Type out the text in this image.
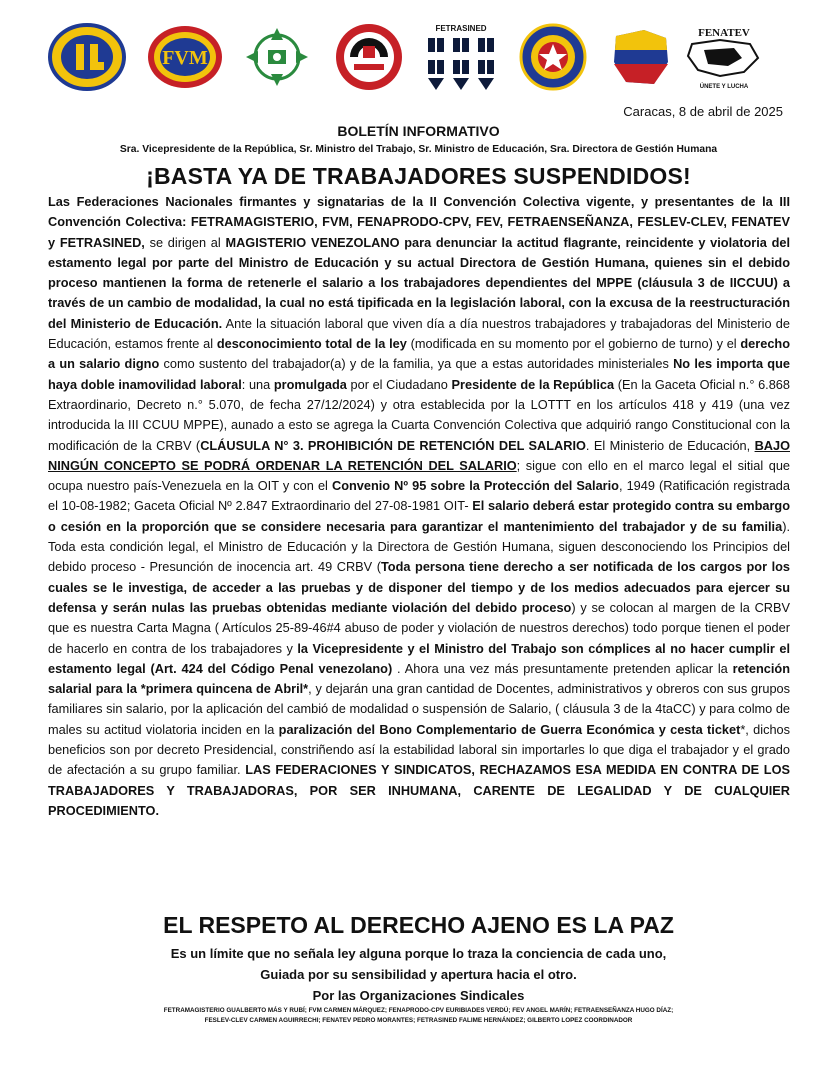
FVM
FETRASINED	FENATEV
ÚNETE Y LUCHA
Caracas, 8 de abril de 2025
BOLETÍN INFORMATIVO
Sra. Vicepresidente de la República, Sr. Ministro del Trabajo, Sr. Ministro de Educación, Sra. Directora de Gestión Humana
¡BASTA YA DE TRABAJADORES SUSPENDIDOS!

Las Federaciones Nacionales firmantes y signatarias de la II Convención Colectiva vigente, y presentantes de la III Convención Colectiva: FETRAMAGISTERIO, FVM, FENAPRODO-CPV, FEV, FETRAENSEÑANZA, FESLEV-CLEV, FENATEV y FETRASINED, se dirigen al MAGISTERIO VENEZOLANO para denunciar la actitud flagrante, reincidente y violatoria del estamento legal por parte del Ministro de Educación y su actual Directora de Gestión Humana, quienes sin el debido proceso mantienen la forma de retenerle el salario a los trabajadores dependientes del MPPE (cláusula 3 de IICCUU) a través de un cambio de modalidad, la cual no está tipificada en la legislación laboral, con la excusa de la reestructuración del Ministerio de Educación. Ante la situación laboral que viven día a día nuestros trabajadores y trabajadoras del Ministerio de Educación, estamos frente al desconocimiento total de la ley (modificada en su momento por el gobierno de turno) y el derecho a un salario digno como sustento del trabajador(a) y de la familia, ya que a estas autoridades ministeriales No les importa que haya doble inamovilidad laboral: una promulgada por el Ciudadano Presidente de la República (En la Gaceta Oficial n.° 6.868 Extraordinario, Decreto n.° 5.070, de fecha 27/12/2024) y otra establecida por la LOTTT en los artículos 418 y 419 (una vez introducida la III CCUU MPPE), aunado a esto se agrega la Cuarta Convención Colectiva que adquirió rango Constitucional con la modificación de la CRBV (CLÁUSULA N° 3. PROHIBICIÓN DE RETENCIÓN DEL SALARIO. El Ministerio de Educación, BAJO NINGÚN CONCEPTO SE PODRÁ ORDENAR LA RETENCIÓN DEL SALARIO; sigue con ello en el marco legal el sitial que ocupa nuestro país-Venezuela en la OIT y con el Convenio Nº 95 sobre la Protección del Salario, 1949 (Ratificación registrada el 10-08-1982; Gaceta Oficial Nº 2.847 Extraordinario del 27-08-1981 OIT- El salario deberá estar protegido contra su embargo o cesión en la proporción que se considere necesaria para garantizar el mantenimiento del trabajador y de su familia). Toda esta condición legal, el Ministro de Educación y la Directora de Gestión Humana, siguen desconociendo los Principios del debido proceso - Presunción de inocencia art. 49 CRBV (Toda persona tiene derecho a ser notificada de los cargos por los cuales se le investiga, de acceder a las pruebas y de disponer del tiempo y de los medios adecuados para ejercer su defensa y serán nulas las pruebas obtenidas mediante violación del debido proceso) y se colocan al margen de la CRBV que es nuestra Carta Magna ( Artículos 25-89-46#4 abuso de poder y violación de nuestros derechos) todo porque tienen el poder de hacerlo en contra de los trabajadores y la Vicepresidente y el Ministro del Trabajo son cómplices al no hacer cumplir el estamento legal (Art. 424 del Código Penal venezolano) . Ahora una vez más presuntamente pretenden aplicar la retención salarial para la *primera quincena de Abril*, y dejarán una gran cantidad de Docentes, administrativos y obreros con sus grupos familiares sin salario, por la aplicación del cambió de modalidad o suspensión de Salario, ( cláusula 3 de la 4taCC) y para colmo de males su actitud violatoria inciden en la paralización del Bono Complementario de Guerra Económica y cesta ticket*, dichos beneficios son por decreto Presidencial, constriñendo así la estabilidad laboral sin importarles lo que diga el trabajador y el grado de afectación a su grupo familiar. LAS FEDERACIONES Y SINDICATOS, RECHAZAMOS ESA MEDIDA EN CONTRA DE LOS TRABAJADORES Y TRABAJADORAS, POR SER INHUMANA, CARENTE DE LEGALIDAD Y DE CUALQUIER PROCEDIMIENTO.

EL RESPETO AL DERECHO AJENO ES LA PAZ
Es un límite que no señala ley alguna porque lo traza la conciencia de cada uno,
Guiada por su sensibilidad y apertura hacia el otro.
Por las Organizaciones Sindicales
FETRAMAGISTERIO GUALBERTO MÁS Y RUBÍ; FVM CARMEN MÁRQUEZ; FENAPRODO-CPV EURIBIADES VERDÚ; FEV ANGEL MARÍN; FETRAENSEÑANZA HUGO DÍAZ;
FESLEV-CLEV CARMEN AGUIRRECHI; FENATEV PEDRO MORANTES; FETRASINED FALIME HERNÁNDEZ; GILBERTO LOPEZ COORDINADOR
